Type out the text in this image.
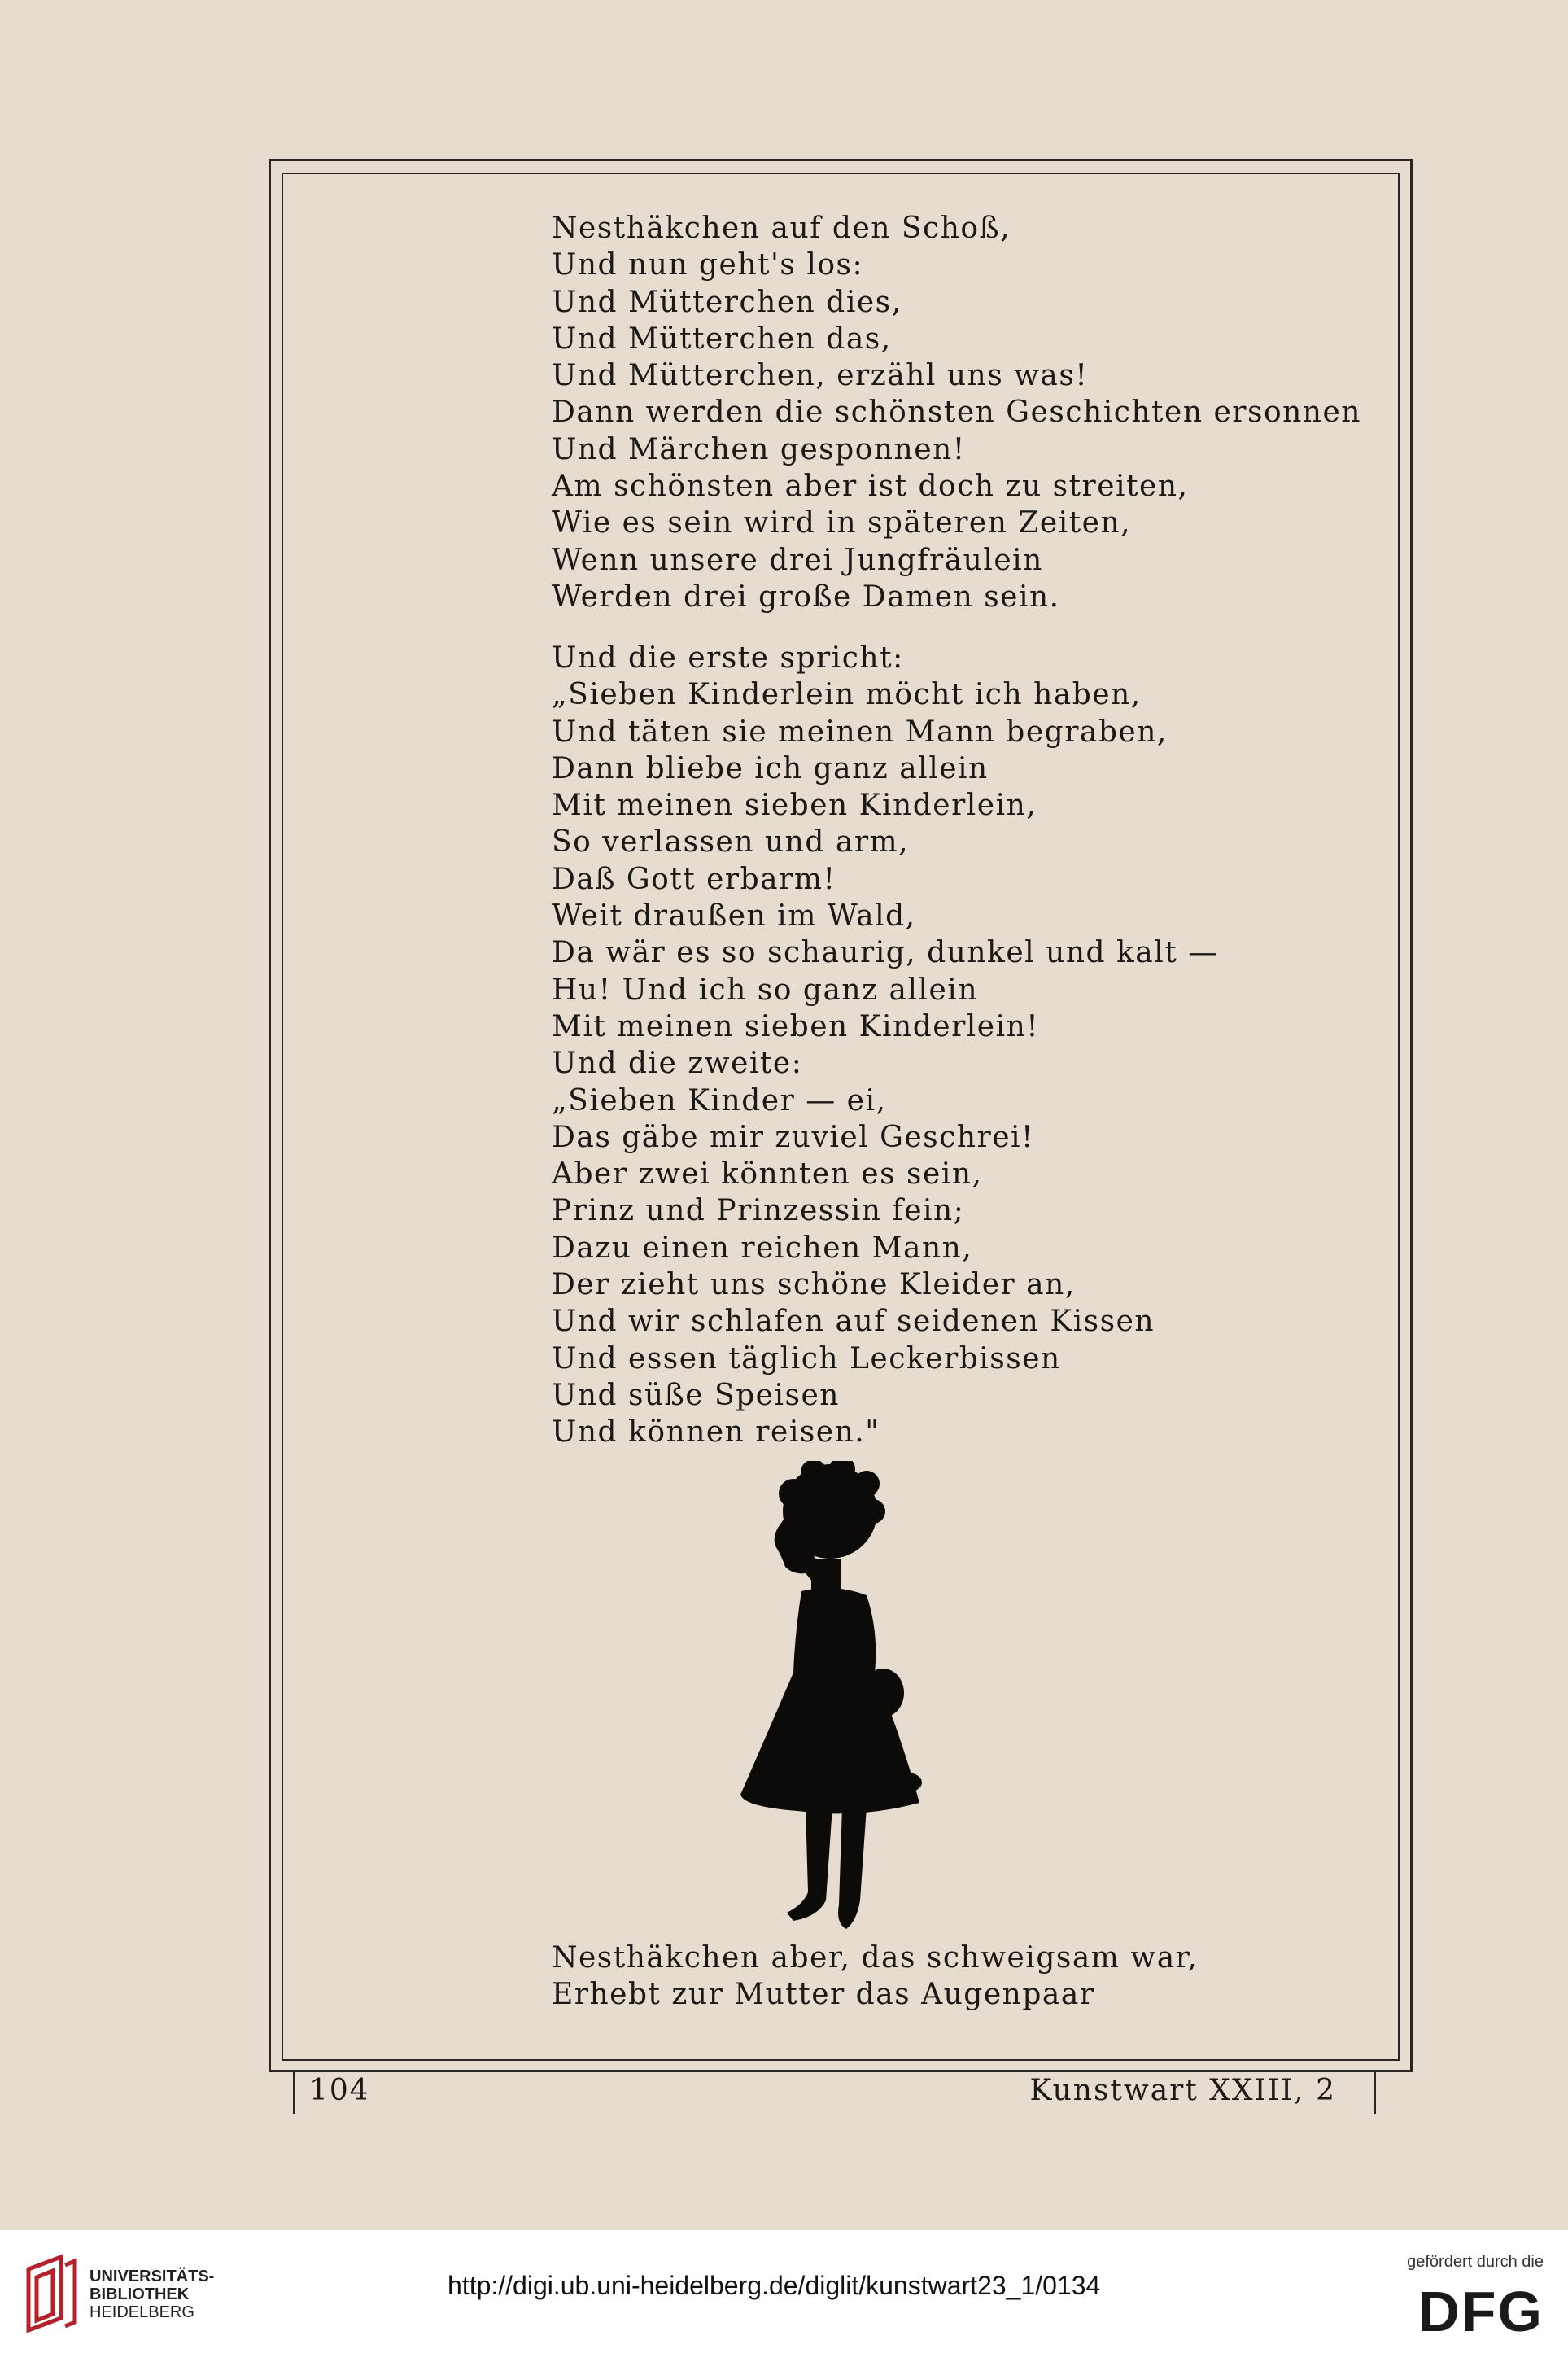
Nesthäkchen auf den Schoß,
Und nun geht's los:
Und Mütterchen dies,
Und Mütterchen das,
Und Mütterchen, erzähl uns was!
Dann werden die schönsten Geschichten ersonnen
Und Märchen gesponnen!
Am schönsten aber ist doch zu streiten,
Wie es sein wird in späteren Zeiten,
Wenn unsere drei Jungfräulein
Werden drei große Damen sein.
Und die erste spricht:
„Sieben Kinderlein möcht ich haben,
Und täten sie meinen Mann begraben,
Dann bliebe ich ganz allein
Mit meinen sieben Kinderlein,
So verlassen und arm,
Daß Gott erbarm!
Weit draußen im Wald,
Da wär es so schaurig, dunkel und kalt —
Hu! Und ich so ganz allein
Mit meinen sieben Kinderlein!
Und die zweite:
„Sieben Kinder — ei,
Das gäbe mir zuviel Geschrei!
Aber zwei könnten es sein,
Prinz und Prinzessin fein;
Dazu einen reichen Mann,
Der zieht uns schöne Kleider an,
Und wir schlafen auf seidenen Kissen
Und essen täglich Leckerbissen
Und süße Speisen
Und können reisen."
Nesthäkchen aber, das schweigsam war,
Erhebt zur Mutter das Augenpaar
104	Kunstwart XXIII, 2
UNIVERSITÄTS-
BIBLIOTHEK
HEIDELBERG
http://digi.ub.uni-heidelberg.de/diglit/kunstwart23_1/0134
gefördert durch die
DFG
